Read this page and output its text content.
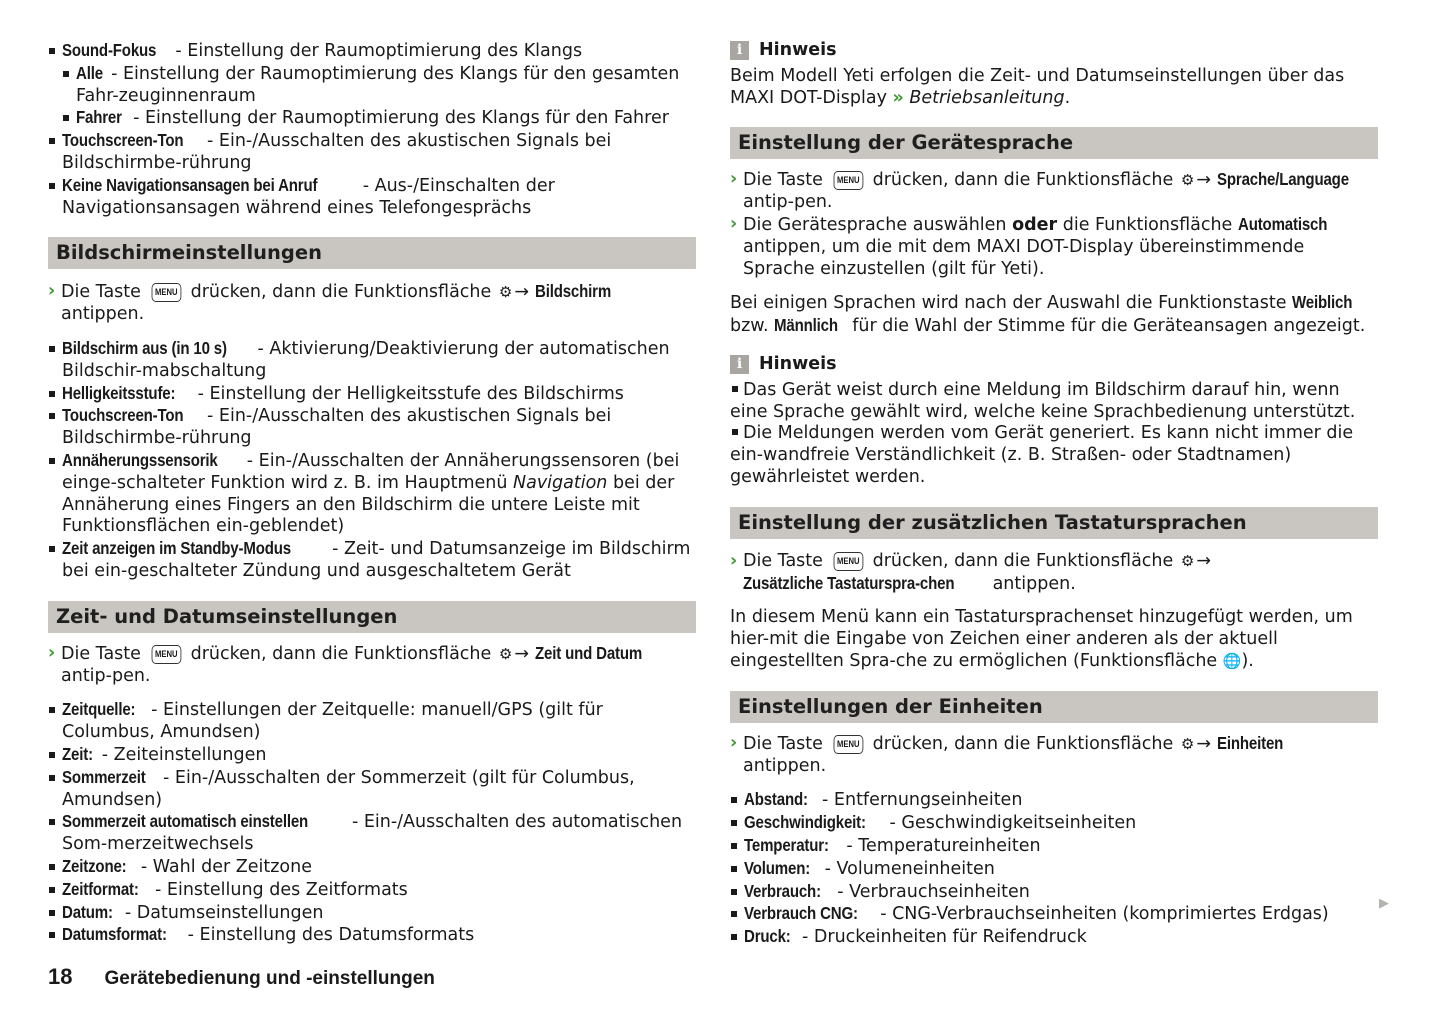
Sound-Fokus - Einstellung der Raumoptimierung des Klangs

Alle - Einstellung der Raumoptimierung des Klangs für den gesamten Fahr-zeuginnenraum

Fahrer - Einstellung der Raumoptimierung des Klangs für den Fahrer

Touchscreen-Ton - Ein-/Ausschalten des akustischen Signals bei Bildschirmbe-rührung

Keine Navigationsansagen bei Anruf - Aus-/Einschalten der Navigationsansagen während eines Telefongesprächs

Bildschirmeinstellungen

› Die Taste MENU drücken, dann die Funktionsfläche ⚙ → Bildschirm antippen.

Bildschirm aus (in 10 s) - Aktivierung/Deaktivierung der automatischen Bildschir-mabschaltung

Helligkeitsstufe: - Einstellung der Helligkeitsstufe des Bildschirms

Touchscreen-Ton - Ein-/Ausschalten des akustischen Signals bei Bildschirmbe-rührung

Annäherungssensorik - Ein-/Ausschalten der Annäherungssensoren (bei einge-schalteter Funktion wird z. B. im Hauptmenü Navigation bei der Annäherung eines Fingers an den Bildschirm die untere Leiste mit Funktionsflächen ein-geblendet)

Zeit anzeigen im Standby-Modus - Zeit- und Datumsanzeige im Bildschirm bei ein-geschalteter Zündung und ausgeschaltetem Gerät

Zeit- und Datumseinstellungen

› Die Taste MENU drücken, dann die Funktionsfläche ⚙ → Zeit und Datum antip-pen.

Zeitquelle: - Einstellungen der Zeitquelle: manuell/GPS (gilt für Columbus, Amundsen)

Zeit: - Zeiteinstellungen

Sommerzeit - Ein-/Ausschalten der Sommerzeit (gilt für Columbus, Amundsen)

Sommerzeit automatisch einstellen - Ein-/Ausschalten des automatischen Som-merzeitwechsels

Zeitzone: - Wahl der Zeitzone

Zeitformat: - Einstellung des Zeitformats

Datum: - Datumseinstellungen

Datumsformat: - Einstellung des Datumsformats

i Hinweis

Beim Modell Yeti erfolgen die Zeit- und Datumseinstellungen über das MAXI DOT-Display » Betriebsanleitung.

Einstellung der Gerätesprache

› Die Taste MENU drücken, dann die Funktionsfläche ⚙ → Sprache/Language antip-pen.

› Die Gerätesprache auswählen oder die Funktionsfläche Automatisch antippen, um die mit dem MAXI DOT-Display übereinstimmende Sprache einzustellen (gilt für Yeti).

Bei einigen Sprachen wird nach der Auswahl die Funktionstaste Weiblich bzw. Männlich für die Wahl der Stimme für die Geräteansagen angezeigt.

i Hinweis

Das Gerät weist durch eine Meldung im Bildschirm darauf hin, wenn eine Sprache gewählt wird, welche keine Sprachbedienung unterstützt.

Die Meldungen werden vom Gerät generiert. Es kann nicht immer die ein-wandfreie Verständlichkeit (z. B. Straßen- oder Stadtnamen) gewährleistet werden.

Einstellung der zusätzlichen Tastatursprachen

› Die Taste MENU drücken, dann die Funktionsfläche ⚙ → Zusätzliche Tastaturspra-chen antippen.

In diesem Menü kann ein Tastatursprachenset hinzugefügt werden, um hier-mit die Eingabe von Zeichen einer anderen als der aktuell eingestellten Spra-che zu ermöglichen (Funktionsfläche 🌐).

Einstellungen der Einheiten

› Die Taste MENU drücken, dann die Funktionsfläche ⚙ → Einheiten antippen.

Abstand: - Entfernungseinheiten

Geschwindigkeit: - Geschwindigkeitseinheiten

Temperatur: - Temperatureinheiten

Volumen: - Volumeneinheiten

Verbrauch: - Verbrauchseinheiten

Verbrauch CNG: - CNG-Verbrauchseinheiten (komprimiertes Erdgas)

Druck: - Druckeinheiten für Reifendruck

▶
18 Gerätebedienung und -einstellungen
